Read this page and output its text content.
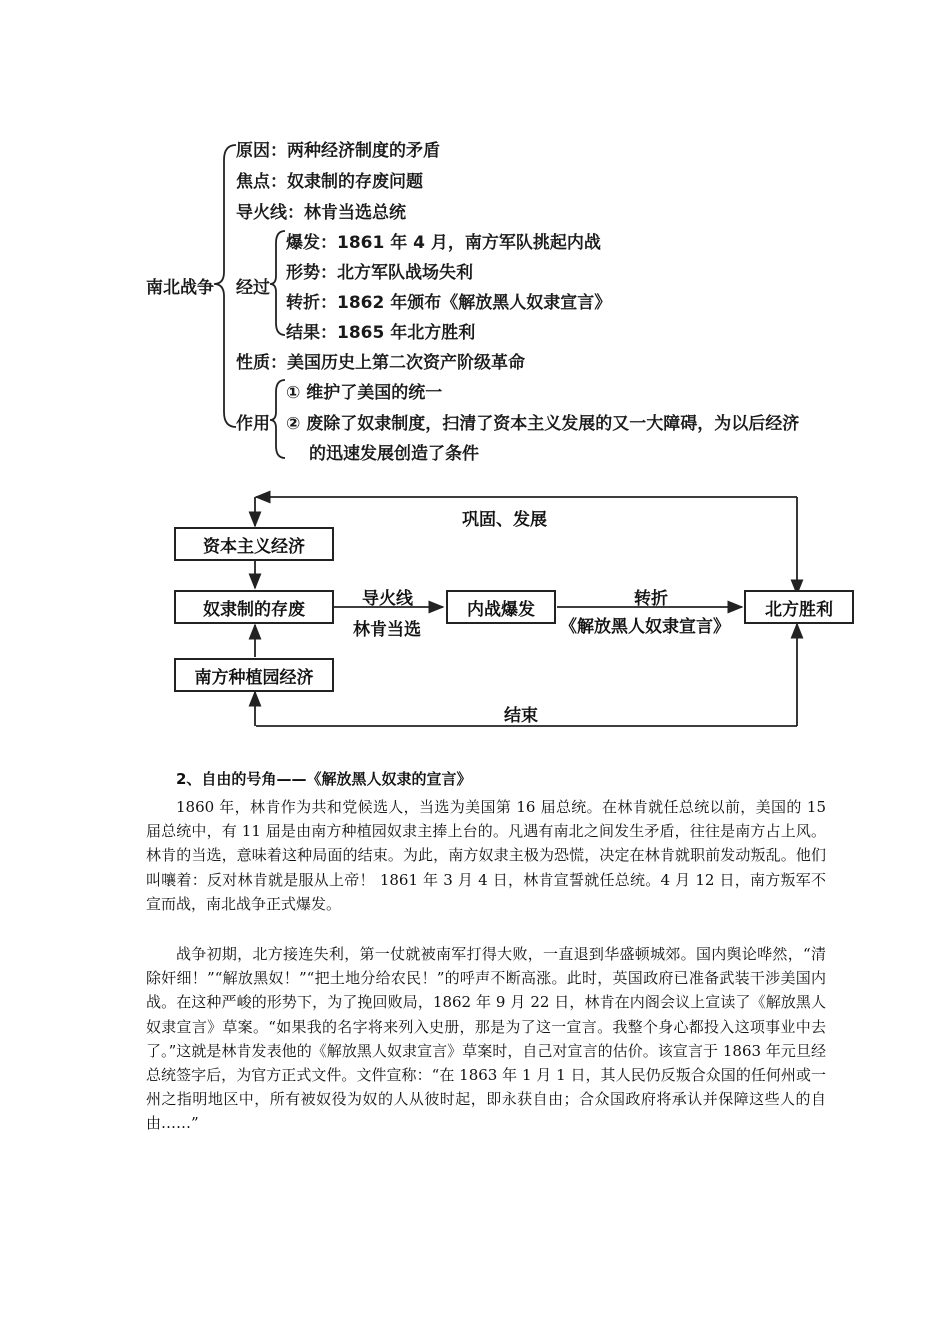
南北战争
原因：两种经济制度的矛盾
焦点：奴隶制的存废问题
导火线：林肯当选总统
经过
爆发：1861 年 4 月，南方军队挑起内战
形势：北方军队战场失利
转折：1862 年颁布《解放黑人奴隶宣言》
结果：1865 年北方胜利
性质：美国历史上第二次资产阶级革命
作用
① 维护了美国的统一
② 废除了奴隶制度，扫清了资本主义发展的又一大障碍，为以后经济
的迅速发展创造了条件
资本主义经济
奴隶制的存废
南方种植园经济
内战爆发	北方胜利
巩固、发展
导火线
林肯当选
转折
《解放黑人奴隶宣言》
结束
2、自由的号角——《解放黑人奴隶的宣言》

1860 年，林肯作为共和党候选人，当选为美国第 16 届总统。在林肯就任总统以前，美国的 15 届总统中，有 11 届是由南方种植园奴隶主捧上台的。凡遇有南北之间发生矛盾，往往是南方占上风。林肯的当选，意味着这种局面的结束。为此，南方奴隶主极为恐慌，决定在林肯就职前发动叛乱。他们叫嚷着：反对林肯就是服从上帝！ 1861 年 3 月 4 日，林肯宣誓就任总统。4 月 12 日，南方叛军不宣而战，南北战争正式爆发。

战争初期，北方接连失利，第一仗就被南军打得大败，一直退到华盛顿城郊。国内舆论哗然，“清除奸细！”“解放黑奴！”“把土地分给农民！”的呼声不断高涨。此时，英国政府已准备武装干涉美国内战。在这种严峻的形势下，为了挽回败局，1862 年 9 月 22 日，林肯在内阁会议上宣读了《解放黑人奴隶宣言》草案。“如果我的名字将来列入史册，那是为了这一宣言。我整个身心都投入这项事业中去了。”这就是林肯发表他的《解放黑人奴隶宣言》草案时，自己对宣言的估价。该宣言于 1863 年元旦经总统签字后，为官方正式文件。文件宣称：“在 1863 年 1 月 1 日，其人民仍反叛合众国的任何州或一州之指明地区中，所有被奴役为奴的人从彼时起，即永获自由；合众国政府将承认并保障这些人的自由……”
